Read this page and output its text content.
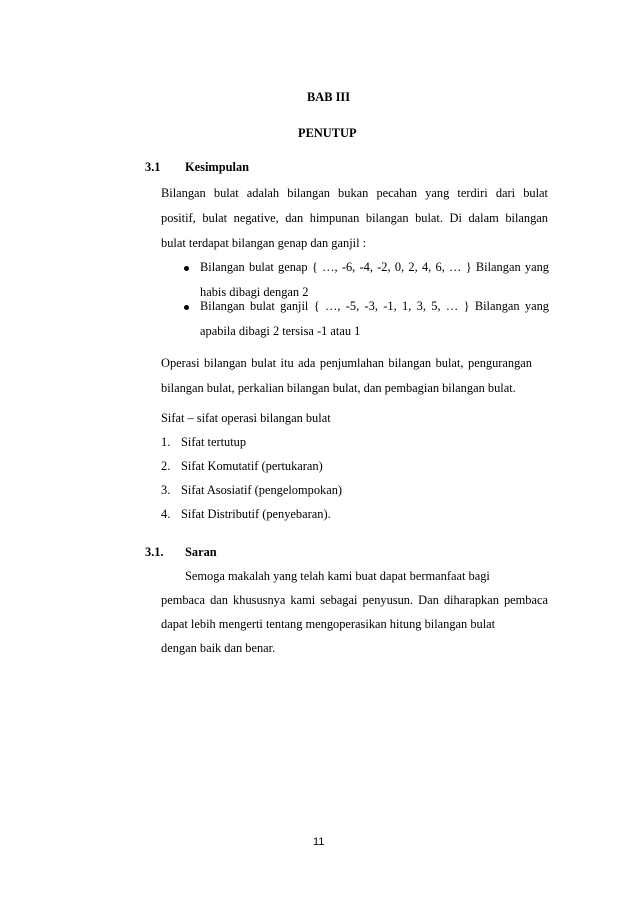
BAB III
PENUTUP
3.1 Kesimpulan
Bilangan bulat adalah bilangan bukan pecahan yang terdiri dari bulat
positif, bulat negative, dan himpunan bilangan bulat. Di dalam bilangan
bulat terdapat bilangan genap dan ganjil :
Bilangan bulat genap { …, -6, -4, -2, 0, 2, 4, 6, … } Bilangan yang
habis dibagi dengan 2
Bilangan bulat ganjil { …, -5, -3, -1, 1, 3, 5, … } Bilangan yang
apabila dibagi 2 tersisa -1 atau 1
Operasi bilangan bulat itu ada penjumlahan bilangan bulat, pengurangan
bilangan bulat, perkalian bilangan bulat, dan pembagian bilangan bulat.
Sifat – sifat operasi bilangan bulat
1. Sifat tertutup
2. Sifat Komutatif (pertukaran)
3. Sifat Asosiatif (pengelompokan)
4. Sifat Distributif (penyebaran).
3.1. Saran
Semoga makalah yang telah kami buat dapat bermanfaat bagi
pembaca dan khususnya kami sebagai penyusun. Dan diharapkan pembaca
dapat lebih mengerti tentang mengoperasikan hitung bilangan bulat
dengan baik dan benar.
11
